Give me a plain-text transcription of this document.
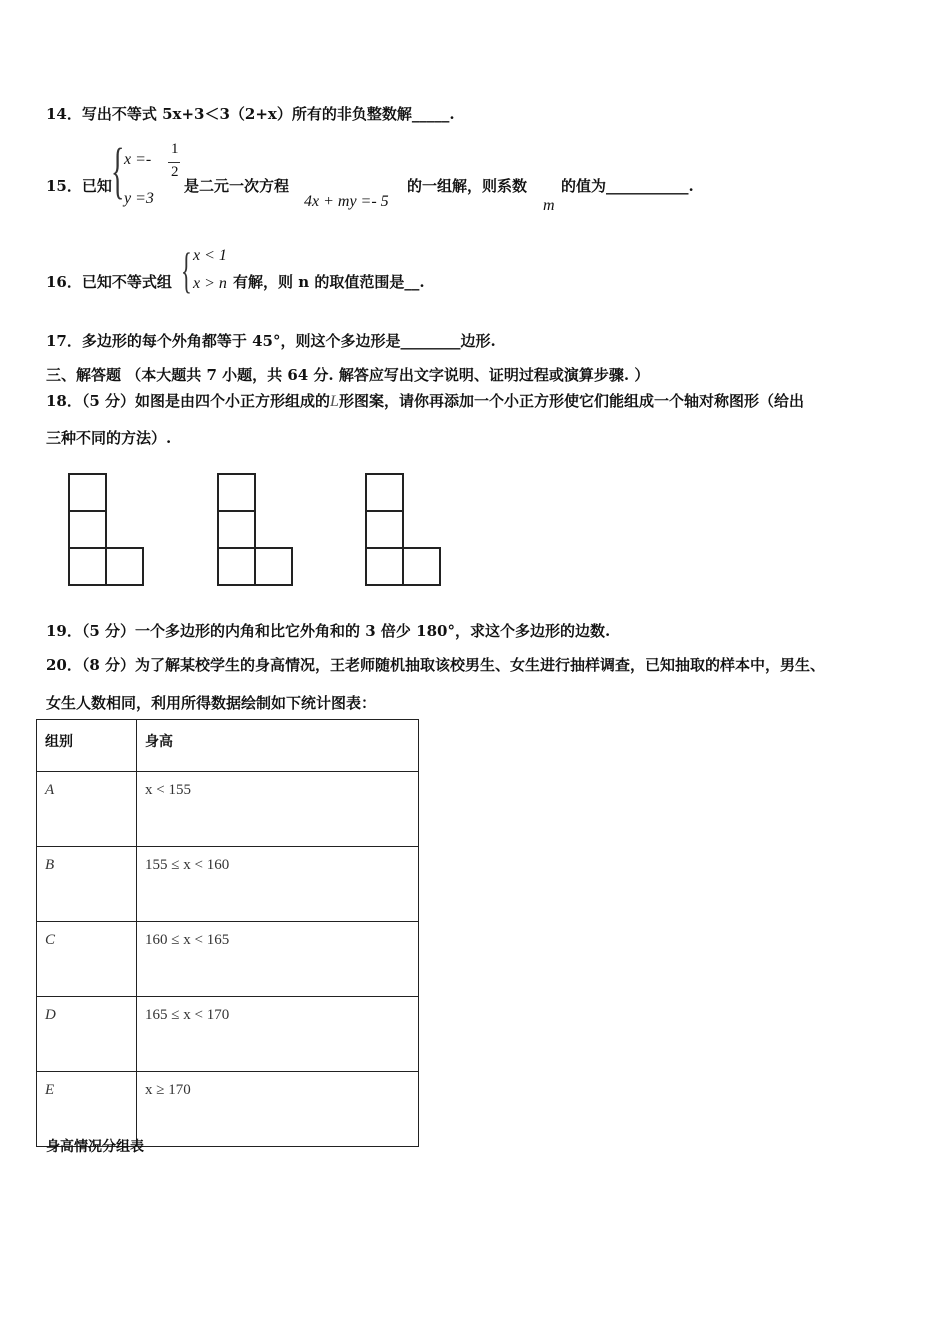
14．写出不等式 5x+3＜3（2+x）所有的非负整数解_____.
15．已知 { x =-
1
2
y =3
是二元一次方程
4x + my =- 5
的一组解，则系数
m
的值为___________.
16．已知不等式组 { x < 1
x > n 有解，则 n 的取值范围是__.
17．多边形的每个外角都等于 45°，则这个多边形是________边形.
三、解答题 （本大题共 7 小题，共 64 分. 解答应写出文字说明、证明过程或演算步骤. ）
18．（5 分）如图是由四个小正方形组成的L形图案，请你再添加一个小正方形使它们能组成一个轴对称图形（给出
三种不同的方法）.
19．（5 分）一个多边形的内角和比它外角和的 3 倍少 180°，求这个多边形的边数.
20．（8 分）为了解某校学生的身高情况，王老师随机抽取该校男生、女生进行抽样调查，已知抽取的样本中，男生、
女生人数相同，利用所得数据绘制如下统计图表：
组别	身高
A	x < 155
B	155 ≤ x < 160
C	160 ≤ x < 165
D	165 ≤ x < 170
E	x ≥ 170
身高情况分组表
